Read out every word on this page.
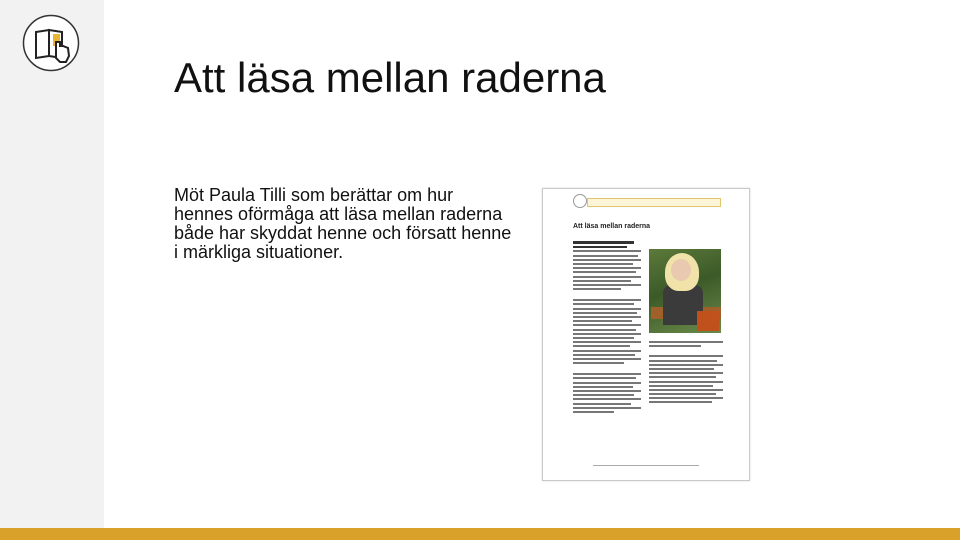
Att läsa mellan raderna
Möt Paula Tilli som berättar om hur hennes oförmåga att läsa mellan raderna både har skyddat henne och försatt henne i märkliga situationer.
Att läsa mellan raderna
